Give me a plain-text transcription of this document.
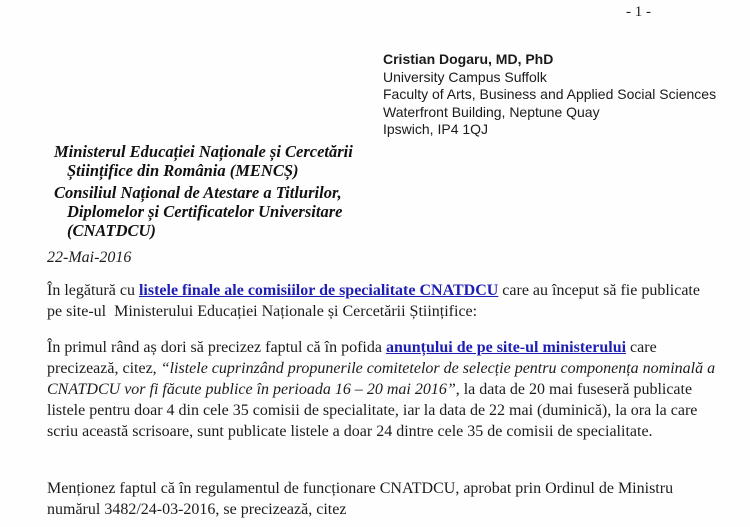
- 1 -
Cristian Dogaru, MD, PhD
University Campus Suffolk
Faculty of Arts, Business and Applied Social Sciences
Waterfront Building, Neptune Quay
Ipswich, IP4 1QJ
Ministerul Educației Naționale și Cercetării
Științifice din România (MENCȘ)
Consiliul Național de Atestare a Titlurilor,
Diplomelor și Certificatelor Universitare
(CNATDCU)
22-Mai-2016

În legătură cu listele finale ale comisiilor de specialitate CNATDCU care au început să fie publicate pe site-ul  Ministerului Educației Naționale și Cercetării Științifice:

În primul rând aș dori să precizez faptul că în pofida anunțului de pe site-ul ministerului care precizează, citez, “listele cuprinzând propunerile comitetelor de selecție pentru componența nominală a CNATDCU vor fi făcute publice în perioada 16 – 20 mai 2016”, la data de 20 mai fuseseră publicate listele pentru doar 4 din cele 35 comisii de specialitate, iar la data de 22 mai (duminică), la ora la care scriu această scrisoare, sunt publicate listele a doar 24 dintre cele 35 de comisii de specialitate.

Menționez faptul că în regulamentul de funcționare CNATDCU, aprobat prin Ordinul de Ministru numărul 3482/24-03-2016, se precizează, citez
